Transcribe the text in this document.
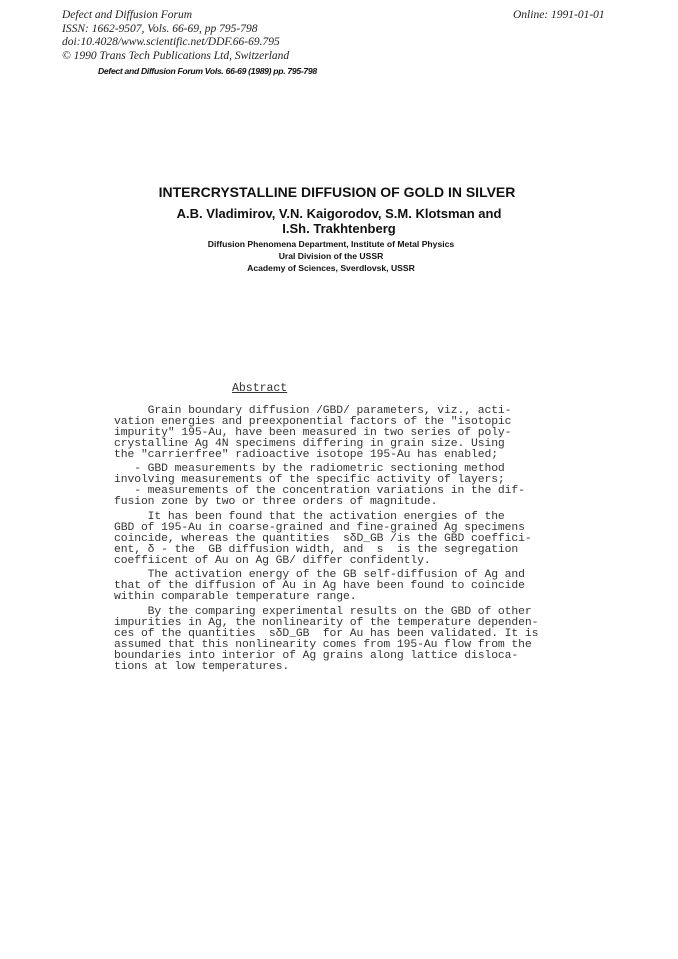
Defect and Diffusion Forum
ISSN: 1662-9507, Vols. 66-69, pp 795-798
doi:10.4028/www.scientific.net/DDF.66-69.795
© 1990 Trans Tech Publications Ltd, Switzerland
Online: 1991-01-01
Defect and Diffusion Forum Vols. 66-69 (1989) pp. 795-798
INTERCRYSTALLINE DIFFUSION OF GOLD IN SILVER
A.B. Vladimirov, V.N. Kaigorodov, S.M. Klotsman and
I.Sh. Trakhtenberg
Diffusion Phenomena Department, Institute of Metal Physics
Ural Division of the USSR
Academy of Sciences, Sverdlovsk, USSR
Abstract
Grain boundary diffusion /GBD/ parameters, viz., acti-
vation energies and preexponential factors of the "isotopic
impurity" 195-Au, have been measured in two series of poly-
crystalline Ag 4N specimens differing in grain size. Using
the "carrierfree" radioactive isotope 195-Au has enabled;
- GBD measurements by the radiometric sectioning method
involving measurements of the specific activity of layers;
- measurements of the concentration variations in the dif-
fusion zone by two or three orders of magnitude.
It has been found that the activation energies of the
GBD of 195-Au in coarse-grained and fine-grained Ag specimens
coincide, whereas the quantities  sδD_GB /is the GBD coeffici-
ent, δ - the  GB diffusion width, and  s  is the segregation
coeffiicent of Au on Ag GB/ differ confidently.
The activation energy of the GB self-diffusion of Ag and
that of the diffusion of Au in Ag have been found to coincide
within comparable temperature range.
By the comparing experimental results on the GBD of other
impurities in Ag, the nonlinearity of the temperature dependen-
ces of the quantities  sδD_GB  for Au has been validated. It is
assumed that this nonlinearity comes from 195-Au flow from the
boundaries into interior of Ag grains along lattice disloca-
tions at low temperatures.
